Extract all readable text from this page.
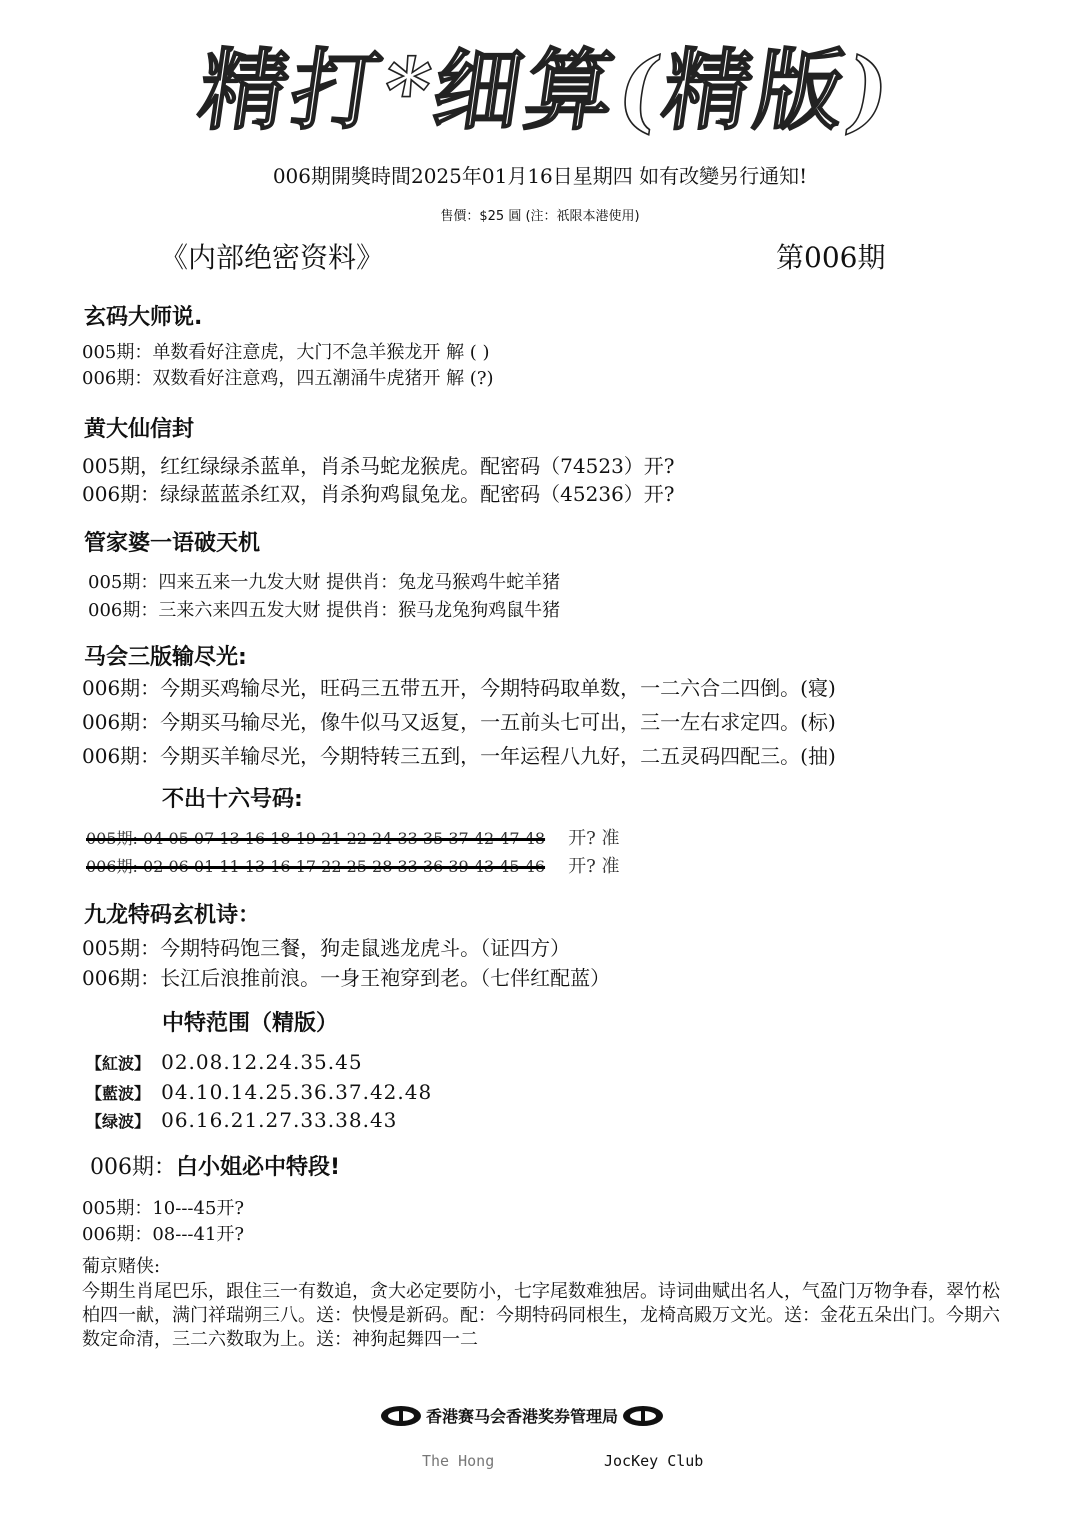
精打*细算(精版)
006期開獎時間2025年01月16日星期四 如有改變另行通知!
售價：$25 圓 (注：祇限本港使用)
《内部绝密资料》	第006期
玄码大师说.
005期：单数看好注意虎，大门不急羊猴龙开 解 ( )
006期：双数看好注意鸡，四五潮涌牛虎猪开 解 (?)
黄大仙信封
005期，红红绿绿杀蓝单，肖杀马蛇龙猴虎。配密码（74523）开?
006期：绿绿蓝蓝杀红双，肖杀狗鸡鼠兔龙。配密码（45236）开?
管家婆一语破天机
005期：四来五来一九发大财 提供肖：兔龙马猴鸡牛蛇羊猪
006期：三来六来四五发大财 提供肖：猴马龙兔狗鸡鼠牛猪
马会三版输尽光:
006期：今期买鸡输尽光，旺码三五带五开，今期特码取单数，一二六合二四倒。(寝)
006期：今期买马输尽光，像牛似马又返复，一五前头七可出，三一左右求定四。(标)
006期：今期买羊输尽光，今期特转三五到，一年运程八九好，二五灵码四配三。(抽)
不出十六号码:
005期: 04 05 07 13 16 18 19 21 22 24 33 35 37 42 47 48 开? 准
006期: 02 06 01 11 13 16 17 22 25 28 33 36 39 43 45 46 开? 准
九龙特码玄机诗：
005期：今期特码饱三餐，狗走鼠逃龙虎斗。（证四方）
006期：长江后浪推前浪。一身王袍穿到老。（七伴红配蓝）
中特范围（精版）
【紅波】 02.08.12.24.35.45
【藍波】 04.10.14.25.36.37.42.48
【绿波】 06.16.21.27.33.38.43
006期：白小姐必中特段!
005期：10---45开?
006期：08---41开?
葡京赌侠:
今期生肖尾巴乐，跟住三一有数追，贪大必定要防小，七字尾数难独居。诗词曲赋出名人，气盈门万物争春，翠竹松柏四一献，满门祥瑞朔三八。送：快慢是新码。配：今期特码同根生，龙椅高殿万文光。送：金花五朵出门。今期六数定命清，三二六数取为上。送：神狗起舞四一二
香港赛马会香港奖券管理局
The Hong	JocKey Club
